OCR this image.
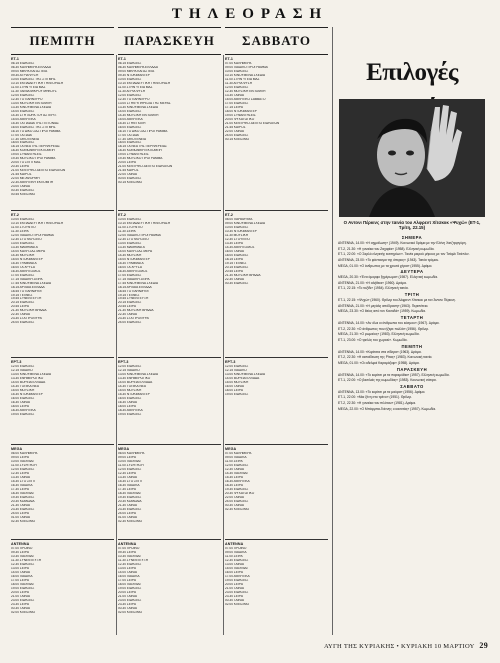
ΤΗΛΕΟΡΑΣΗ
ΠΕΜΠΤΗ
ΕΤ-1
06.15 ΕΙΔΗΣΕΙΣ
06.30 ΚΑΛΗΜΕΡΑ ΕΛΛΑΔΑ
09.00 ΜΙΚΡΑ ΚΑΙ ΑΣΤΕΙΑ
09.30 ΑΓΡΙΑ ΦΥΣΗ
10.00 ΕΙΔΗΣΕΙΣ ΤΗΣ ΣΤΙΓΜΗΣ
10.10 ΕΚΠΑΙΔΕΥΤΙΚΗ ΤΗΛΕΟΡΑΣΗ
11.00 ΣΤΗΝ ΥΓΕΙΑ ΜΑΣ
11.30 ΤΑΙΝΙΑ ΜΙΚΡΟΥ ΜΗΚΟΥΣ
12.00 ΕΙΔΗΣΕΙΣ
12.30 ΤΟ ΠΑΡΑΘΥΡΟ
13.00 ΜΟΥΣΙΚΗ ΕΚΠΟΜΠΗ
13.30 ΚΙΝΟΥΜΕΝΑ ΣΧΕΔΙΑ
14.00 ΕΙΔΗΣΕΙΣ
14.30 ΣΤΗ ΧΩΡΑ ΤΟΥ ΑΣΤΕΡΙΞ
15.00 ΑΘΛΗΤΙΚΑ
15.30 ΤΑ ΠΑΙΔΙΑ ΤΗΣ ΓΕΙΤΟΝΙΑΣ
16.00 ΕΙΔΗΣΕΙΣ ΤΗΣ ΣΤΙΓΜΗΣ
16.10 ΤΟ ΔΙΚΟ ΣΑΣ ΠΡΟΓΡΑΜΜΑ
17.00 ΤΑΞΙΔΙΑ
17.30 ΟΙΚΟΓΕΝΕΙΑ
18.00 ΕΙΔΗΣΕΙΣ
18.15 ΤΑ ΝΕΑ ΤΗΣ ΠΕΡΙΦΕΡΕΙΑΣ
18.30 ΚΟΙΝΩΝΙΚΗ ΕΚΠΟΜΠΗ
19.00 ΣΥΝΑΝΤΗΣΕΙΣ
19.30 ΜΟΥΣΙΚΟ ΠΡΟΓΡΑΜΜΑ
20.00 ΤΟ ΣΠΙΤΙ ΜΑΣ
20.30 ΣΕΙΡΑ
21.00 ΚΕΝΤΡΙΚΟ ΔΕΛΤΙΟ ΕΙΔΗΣΕΩΝ
21.45 ΚΑΙΡΟΣ
22.00 ΜΕ ΑΦΟΡΜΗ
22.30 ΑΘΛΗΤΙΚΗ ΕΚΠΟΜΠΗ
23.00 ΤΑΙΝΙΑ
00.30 ΕΙΔΗΣΕΙΣ
00.45 ΚΛΕΙΣΙΜΟ
ΕΤ-2
10.00 ΕΙΔΗΣΕΙΣ
10.10 ΕΚΠΑΙΔΕΥΤΙΚΗ ΤΗΛΕΟΡΑΣΗ
11.00 ΣΤΟΥΝΤΙΟ
11.30 ΣΕΙΡΑ
12.00 ΠΑΙΔΙΚΟ ΠΡΟΓΡΑΜΜΑ
12.30 ΣΤΟ ΜΟΥΣΕΙΟ
13.00 ΕΙΔΗΣΕΙΣ
13.30 ΜΑΘΗΜΑΤΑ
14.00 ΚΑΛΗ ΣΑΣ ΜΕΡΑ
14.30 ΜΟΥΣΙΚΗ
15.00 ΝΤΟΚΙΜΑΝΤΕΡ
15.30 ΓΡΑΜΜΑΤΑ
16.00 ΤΑ ΧΡΥΣΑ
16.30 ΑΘΛΗΤΙΣΜΟΣ
17.00 ΕΙΔΗΣΕΙΣ
17.15 ΠΑΙΔΙΚΗ ΣΕΙΡΑ
17.45 ΚΙΝΟΥΜΕΝΑ ΣΧΕΔΙΑ
18.15 ΑΡΧΑΙΑ ΕΛΛΑΔΑ
18.45 ΤΟ ΠΑΡΑΜΥΘΙ
19.15 ΤΕΧΝΕΣ
19.45 ΣΥΝΕΝΤΕΥΞΗ
20.15 ΕΙΔΗΣΕΙΣ
20.45 ΣΕΙΡΑ
21.30 ΜΟΥΣΙΚΗ ΒΡΑΔΙΑ
22.30 ΤΑΙΝΙΑ
23.30 ΣΤΑ ΠΡΟΘΥΡΑ
24.00 ΕΙΔΗΣΕΙΣ
ΕΡΤ-3
12.00 ΕΙΔΗΣΕΙΣ
12.15 ΠΑΙΔΙΚΟ
13.00 ΚΙΝΟΥΜΕΝΑ ΣΧΕΔΙΑ
13.30 ΕΝΗΜΕΡΩΤΙΚΟ
14.00 ΒΟΡΕΙΑ ΕΛΛΑΔΑ
14.30 ΤΟΠΙΚΑ ΝΕΑ
15.00 ΜΟΥΣΙΚΗ
15.30 ΝΤΟΚΙΜΑΝΤΕΡ
16.00 ΕΙΔΗΣΕΙΣ
16.30 ΤΑΙΝΙΑ
18.00 ΣΕΙΡΑ
18.30 ΑΘΛΗΤΙΚΑ
19.00 ΕΙΔΗΣΕΙΣ
MEGA
06.00 ΚΑΛΗΜΕΡΑ
09.00 ΣΕΙΡΑ
10.00 ΠΑΙΧΝΙΔΙ
11.00 ΣΥΖΗΤΗΣΗ
12.00 ΕΙΔΗΣΕΙΣ
12.30 ΣΕΙΡΑ
13.30 ΤΑΙΝΙΑ
15.30 ΣΤΟ ΣΠΙΤΙ
16.30 ΠΑΙΔΙΚΑ
17.30 ΣΕΙΡΑ
18.30 ΠΑΙΧΝΙΔΙ
19.30 ΕΙΔΗΣΕΙΣ
20.30 ΚΩΜΩΔΙΑ
21.30 ΤΑΙΝΙΑ
23.30 ΕΙΔΗΣΕΙΣ
24.00 ΣΕΙΡΑ
01.00 ΤΑΙΝΙΑ
02.30 ΚΛΕΙΣΙΜΟ
ANTENNA
07.00 ΠΡΩΙΝΟ
09.30 ΣΕΙΡΑ
10.30 ΠΑΙΧΝΙΔΙ
11.30 ΣΥΝΕΝΤΕΥΞΗ
12.30 ΕΙΔΗΣΕΙΣ
13.00 ΣΕΙΡΑ
14.00 ΤΑΙΝΙΑ
16.00 ΠΑΙΔΙΚΑ
17.00 ΣΕΙΡΑ
18.00 ΠΑΙΧΝΙΔΙ
19.00 ΕΙΔΗΣΕΙΣ
20.00 ΣΕΙΡΑ
21.00 ΤΑΙΝΙΑ
23.00 ΕΙΔΗΣΕΙΣ
23.30 ΣΕΙΡΑ
00.30 ΤΑΙΝΙΑ
02.00 ΚΛΕΙΣΙΜΟ
ΠΑΡΑΣΚΕΥΗ
ΕΤ-1
06.15 ΕΙΔΗΣΕΙΣ
06.30 ΚΑΛΗΜΕΡΑ ΕΛΛΑΔΑ
09.00 ΜΙΚΡΑ ΚΑΙ ΑΣΤΕΙΑ
09.30 ΝΤΟΚΙΜΑΝΤΕΡ
10.00 ΕΙΔΗΣΕΙΣ
10.10 ΕΚΠΑΙΔΕΥΤΙΚΗ ΤΗΛΕΟΡΑΣΗ
11.00 ΣΤΗΝ ΥΓΕΙΑ ΜΑΣ
11.30 ΑΓΡΙΑ ΦΥΣΗ
12.00 ΕΙΔΗΣΕΙΣ
12.30 ΤΟ ΠΑΡΑΘΥΡΟ
13.00 ΣΤΗΝ ΥΠΗΡΕΣΙΑ ΤΗΣ ΜΕΡΑΣ
13.30 ΚΙΝΟΥΜΕΝΑ ΣΧΕΔΙΑ
14.00 ΕΙΔΗΣΕΙΣ
14.30 ΜΟΥΣΙΚΗ ΕΚΠΟΜΠΗ
15.00 ΑΘΛΗΤΙΚΑ
15.30 ΣΤΗΝ ΠΟΛΗ
16.00 ΕΙΔΗΣΕΙΣ
16.10 ΤΟ ΔΙΚΟ ΣΑΣ ΠΡΟΓΡΑΜΜΑ
17.00 ΤΑΞΙΔΙΑ
17.30 ΟΙΚΟΓΕΝΕΙΑ
18.00 ΕΙΔΗΣΕΙΣ
18.15 ΤΑ ΝΕΑ ΤΗΣ ΠΕΡΙΦΕΡΕΙΑΣ
18.30 ΚΟΙΝΩΝΙΚΗ ΕΚΠΟΜΠΗ
19.00 ΣΥΝΑΝΤΗΣΕΙΣ
19.30 ΜΟΥΣΙΚΟ ΠΡΟΓΡΑΜΜΑ
20.00 ΣΕΙΡΑ
21.00 ΚΕΝΤΡΙΚΟ ΔΕΛΤΙΟ ΕΙΔΗΣΕΩΝ
21.45 ΚΑΙΡΟΣ
22.00 ΤΑΙΝΙΑ
00.00 ΕΙΔΗΣΕΙΣ
00.15 ΚΛΕΙΣΙΜΟ
ΕΤ-2
10.00 ΕΙΔΗΣΕΙΣ
10.10 ΕΚΠΑΙΔΕΥΤΙΚΗ ΤΗΛΕΟΡΑΣΗ
11.00 ΣΤΟΥΝΤΙΟ
11.30 ΣΕΙΡΑ
12.00 ΠΑΙΔΙΚΟ ΠΡΟΓΡΑΜΜΑ
12.30 ΣΤΟ ΜΟΥΣΕΙΟ
13.00 ΕΙΔΗΣΕΙΣ
13.30 ΜΑΘΗΜΑΤΑ
14.00 ΚΑΛΗ ΣΑΣ ΜΕΡΑ
14.30 ΜΟΥΣΙΚΗ
15.00 ΝΤΟΚΙΜΑΝΤΕΡ
15.30 ΓΡΑΜΜΑΤΑ
16.00 ΤΑ ΧΡΥΣΑ
16.30 ΑΘΛΗΤΙΣΜΟΣ
17.00 ΕΙΔΗΣΕΙΣ
17.15 ΠΑΙΔΙΚΗ ΣΕΙΡΑ
17.45 ΚΙΝΟΥΜΕΝΑ ΣΧΕΔΙΑ
18.15 ΑΡΧΑΙΑ ΕΛΛΑΔΑ
18.45 ΤΟ ΠΑΡΑΜΥΘΙ
19.15 ΤΕΧΝΕΣ
19.45 ΣΥΝΕΝΤΕΥΞΗ
20.15 ΕΙΔΗΣΕΙΣ
20.45 ΣΕΙΡΑ
21.30 ΜΟΥΣΙΚΗ ΒΡΑΔΙΑ
22.30 ΤΑΙΝΙΑ
23.30 ΣΤΑ ΠΡΟΘΥΡΑ
24.00 ΕΙΔΗΣΕΙΣ
ΕΡΤ-3
12.00 ΕΙΔΗΣΕΙΣ
12.15 ΠΑΙΔΙΚΟ
13.00 ΚΙΝΟΥΜΕΝΑ ΣΧΕΔΙΑ
13.30 ΕΝΗΜΕΡΩΤΙΚΟ
14.00 ΒΟΡΕΙΑ ΕΛΛΑΔΑ
14.30 ΤΟΠΙΚΑ ΝΕΑ
15.00 ΜΟΥΣΙΚΗ
15.30 ΝΤΟΚΙΜΑΝΤΕΡ
16.00 ΕΙΔΗΣΕΙΣ
16.30 ΤΑΙΝΙΑ
18.00 ΣΕΙΡΑ
18.30 ΑΘΛΗΤΙΚΑ
19.00 ΕΙΔΗΣΕΙΣ
MEGA
06.00 ΚΑΛΗΜΕΡΑ
09.00 ΣΕΙΡΑ
10.00 ΠΑΙΧΝΙΔΙ
11.00 ΣΥΖΗΤΗΣΗ
12.00 ΕΙΔΗΣΕΙΣ
12.30 ΣΕΙΡΑ
13.30 ΤΑΙΝΙΑ
15.30 ΣΤΟ ΣΠΙΤΙ
16.30 ΠΑΙΔΙΚΑ
17.30 ΣΕΙΡΑ
18.30 ΠΑΙΧΝΙΔΙ
19.30 ΕΙΔΗΣΕΙΣ
20.30 ΚΩΜΩΔΙΑ
21.30 ΤΑΙΝΙΑ
23.30 ΕΙΔΗΣΕΙΣ
24.00 ΣΕΙΡΑ
01.00 ΤΑΙΝΙΑ
02.30 ΚΛΕΙΣΙΜΟ
ANTENNA
07.00 ΠΡΩΙΝΟ
09.30 ΣΕΙΡΑ
10.30 ΠΑΙΧΝΙΔΙ
11.30 ΣΥΝΕΝΤΕΥΞΗ
12.30 ΕΙΔΗΣΕΙΣ
13.00 ΣΕΙΡΑ
14.00 ΤΑΙΝΙΑ
16.00 ΠΑΙΔΙΚΑ
17.00 ΣΕΙΡΑ
18.00 ΠΑΙΧΝΙΔΙ
19.00 ΕΙΔΗΣΕΙΣ
20.00 ΣΕΙΡΑ
21.00 ΤΑΙΝΙΑ
23.00 ΕΙΔΗΣΕΙΣ
23.30 ΣΕΙΡΑ
00.30 ΤΑΙΝΙΑ
02.00 ΚΛΕΙΣΙΜΟ
ΣΑΒΒΑΤΟ
ΕΤ-1
07.00 ΚΑΛΗΜΕΡΑ
09.00 ΠΑΙΔΙΚΟ ΠΡΟΓΡΑΜΜΑ
10.00 ΕΙΔΗΣΕΙΣ
10.10 ΚΙΝΟΥΜΕΝΑ ΣΧΕΔΙΑ
11.00 ΣΤΗΝ ΥΓΕΙΑ ΜΑΣ
11.30 ΑΓΡΙΑ ΦΥΣΗ
12.00 ΕΙΔΗΣΕΙΣ
12.30 ΜΟΥΣΙΚΗ ΕΚΠΟΜΠΗ
13.30 ΤΑΙΝΙΑ
15.00 ΑΘΛΗΤΙΚΟ ΣΑΒΒΑΤΟ
17.00 ΕΙΔΗΣΕΙΣ
17.15 ΣΕΙΡΑ
18.00 ΝΤΟΚΙΜΑΝΤΕΡ
19.00 ΣΥΝΑΝΤΗΣΕΙΣ
20.00 ΨΥΧΑΓΩΓΙΚΟ
21.00 ΚΕΝΤΡΙΚΟ ΔΕΛΤΙΟ ΕΙΔΗΣΕΩΝ
21.45 ΚΑΙΡΟΣ
22.00 ΤΑΙΝΙΑ
24.00 ΕΙΔΗΣΕΙΣ
00.15 ΚΛΕΙΣΙΜΟ
ΕΤ-2
08.00 ΠΑΡΑΜΥΘΙΑ
09.00 ΚΙΝΟΥΜΕΝΑ ΣΧΕΔΙΑ
10.00 ΕΙΔΗΣΕΙΣ
10.30 ΝΤΟΚΙΜΑΝΤΕΡ
11.30 ΜΟΥΣΙΚΗ
12.30 ΣΤΟΥΝΤΙΟ
13.30 ΣΕΙΡΑ
14.30 ΑΘΛΗΤΙΣΜΟΣ
16.00 ΤΑΙΝΙΑ
18.00 ΕΙΔΗΣΕΙΣ
18.15 ΣΕΙΡΑ
19.15 ΤΕΧΝΕΣ
20.15 ΕΙΔΗΣΕΙΣ
20.45 ΣΕΙΡΑ
21.30 ΜΟΥΣΙΚΗ ΒΡΑΔΙΑ
22.30 ΤΑΙΝΙΑ
00.30 ΕΙΔΗΣΕΙΣ
ΕΡΤ-3
12.00 ΕΙΔΗΣΕΙΣ
12.15 ΠΑΙΔΙΚΟ
13.00 ΚΙΝΟΥΜΕΝΑ ΣΧΕΔΙΑ
14.00 ΒΟΡΕΙΑ ΕΛΛΑΔΑ
15.00 ΜΟΥΣΙΚΗ
16.00 ΤΑΙΝΙΑ
18.00 ΣΕΙΡΑ
19.00 ΕΙΔΗΣΕΙΣ
MEGA
07.00 ΚΑΛΗΜΕΡΑ
09.00 ΠΑΙΔΙΚΑ
11.00 ΣΕΙΡΑ
12.00 ΕΙΔΗΣΕΙΣ
12.30 ΤΑΙΝΙΑ
14.30 ΠΑΙΧΝΙΔΙ
15.30 ΣΕΙΡΑ
16.30 ΑΘΛΗΤΙΚΑ
18.30 ΣΕΙΡΑ
19.30 ΕΙΔΗΣΕΙΣ
20.30 ΨΥΧΑΓΩΓΙΚΟ
22.00 ΤΑΙΝΙΑ
24.00 ΕΙΔΗΣΕΙΣ
00.30 ΤΑΙΝΙΑ
02.30 ΚΛΕΙΣΙΜΟ
ANTENNA
07.00 ΠΡΩΙΝΟ
09.00 ΠΑΙΔΙΚΑ
11.00 ΣΕΙΡΑ
12.30 ΕΙΔΗΣΕΙΣ
13.00 ΤΑΙΝΙΑ
15.00 ΠΑΙΧΝΙΔΙ
16.00 ΣΕΙΡΑ
17.00 ΑΘΛΗΤΙΚΑ
19.00 ΕΙΔΗΣΕΙΣ
20.00 ΣΕΙΡΑ
21.00 ΤΑΙΝΙΑ
23.00 ΕΙΔΗΣΕΙΣ
23.30 ΣΕΙΡΑ
00.30 ΤΑΙΝΙΑ
02.00 ΚΛΕΙΣΙΜΟ
Επιλογές
Ο Αντονι Πέρκινς στην ταινία του Αλφρεντ Χίτσκοκ «Ψυχώ» (ΕΤ-1, Τρίτη, 22.15)
ΣΗΜΕΡΑ
ΑΝΤΕΝΝΑ, 14.00: «Η αιχμάλωτη» (1949). Κοινωνικό δράμα με την Ελένη Χατζηαργύρη.
ΕΤ-2, 21.30: «Η γυναίκα του Ζαχαρία» (1958). Ελληνική κωμωδία.
ΕΤ-1, 22.00: «Ο Σαρλό ελεγκτής εισιτηρίων». Ταινία μικρού μήκους με τον Τσάρλι Τσάπλιν.
ΑΝΤΕΝΝΑ, 23.00: «Το φάντασμα της όπερας» (1943). Ταινία τρόμου.
MEGA, 01.00: «Ο άνθρωπος με τα χρυσά χέρια» (1955). Δράμα.
ΔΕΥΤΕΡΑ
MEGA, 20.30: «Ένα όμορφο ξημέρωμα» (1987). Ελληνική κωμωδία.
ΑΝΤΕΝΝΑ, 21.00: «Η αλήθεια» (1960). Δράμα.
ΕΤ-1, 22.15: «Το ταξίδι» (1954). Ελληνική ταινία.
ΤΡΙΤΗ
ΕΤ-1, 22.15: «Ψυχώ» (1960). Θρίλερ του Άλφρεντ Χίτσκοκ με τον Άντονι Πέρκινς.
ΑΝΤΕΝΝΑ, 21.00: «Η μεγάλη απόδραση» (1963). Περιπέτεια.
MEGA, 23.30: «Ο θείος από τον Καναδά» (1959). Κωμωδία.
ΤΕΤΑΡΤΗ
ΑΝΤΕΝΝΑ, 14.00: «Αν όλοι οι άνθρωποι του κόσμου» (1967). Δράμα.
ΕΤ-2, 22.30: «Ο άνθρωπος που ήξερε πολλά» (1956). Θρίλερ.
MEGA, 21.30: «Ο ρωμαίος» (1983). Ελληνική κωμωδία.
ΕΤ-1, 23.00: «Ο τρελός του χωριού». Κωμωδία.
ΠΕΜΠΤΗ
ΑΝΤΕΝΝΑ, 14.00: «Κορίτσια στα σίδερα» (1963). Δράμα.
ΕΤ-2, 22.30: «Η εκπαίδευση της Ρίτας» (1983). Κοινωνική ταινία.
MEGA, 01.00: «Οι αδελφοί Καραμάζοφ» (1958). Δράμα.
ΠΑΡΑΣΚΕΥΗ
ΑΝΤΕΝΝΑ, 14.00: «Το κορίτσι με τα παραμύθια» (1957). Ελληνική κωμωδία.
ΕΤ-1, 22.00: «Ο βασιλιάς της κωμωδίας» (1983). Κοινωνική σάτιρα.
ΣΑΒΒΑΤΟ
ΑΝΤΕΝΝΑ, 13.00: «Το κορίτσι με τα μαύρα» (1956). Δράμα.
ΕΤ-1, 22.00: «Μια ξένη στο τρένο» (1951). Θρίλερ.
ΕΤ-2, 22.30: «Η γυναίκα του πιλότου» (1981). Δράμα.
MEGA, 22.00: «Ο Μπάρμπα-Γιάννης ο κανατάς» (1957). Κωμωδία.
ΑΥΓΗ ΤΗΣ ΚΥΡΙΑΚΗΣ • ΚΥΡΙΑΚΗ 10 ΜΑΡΤΙΟΥ 29
